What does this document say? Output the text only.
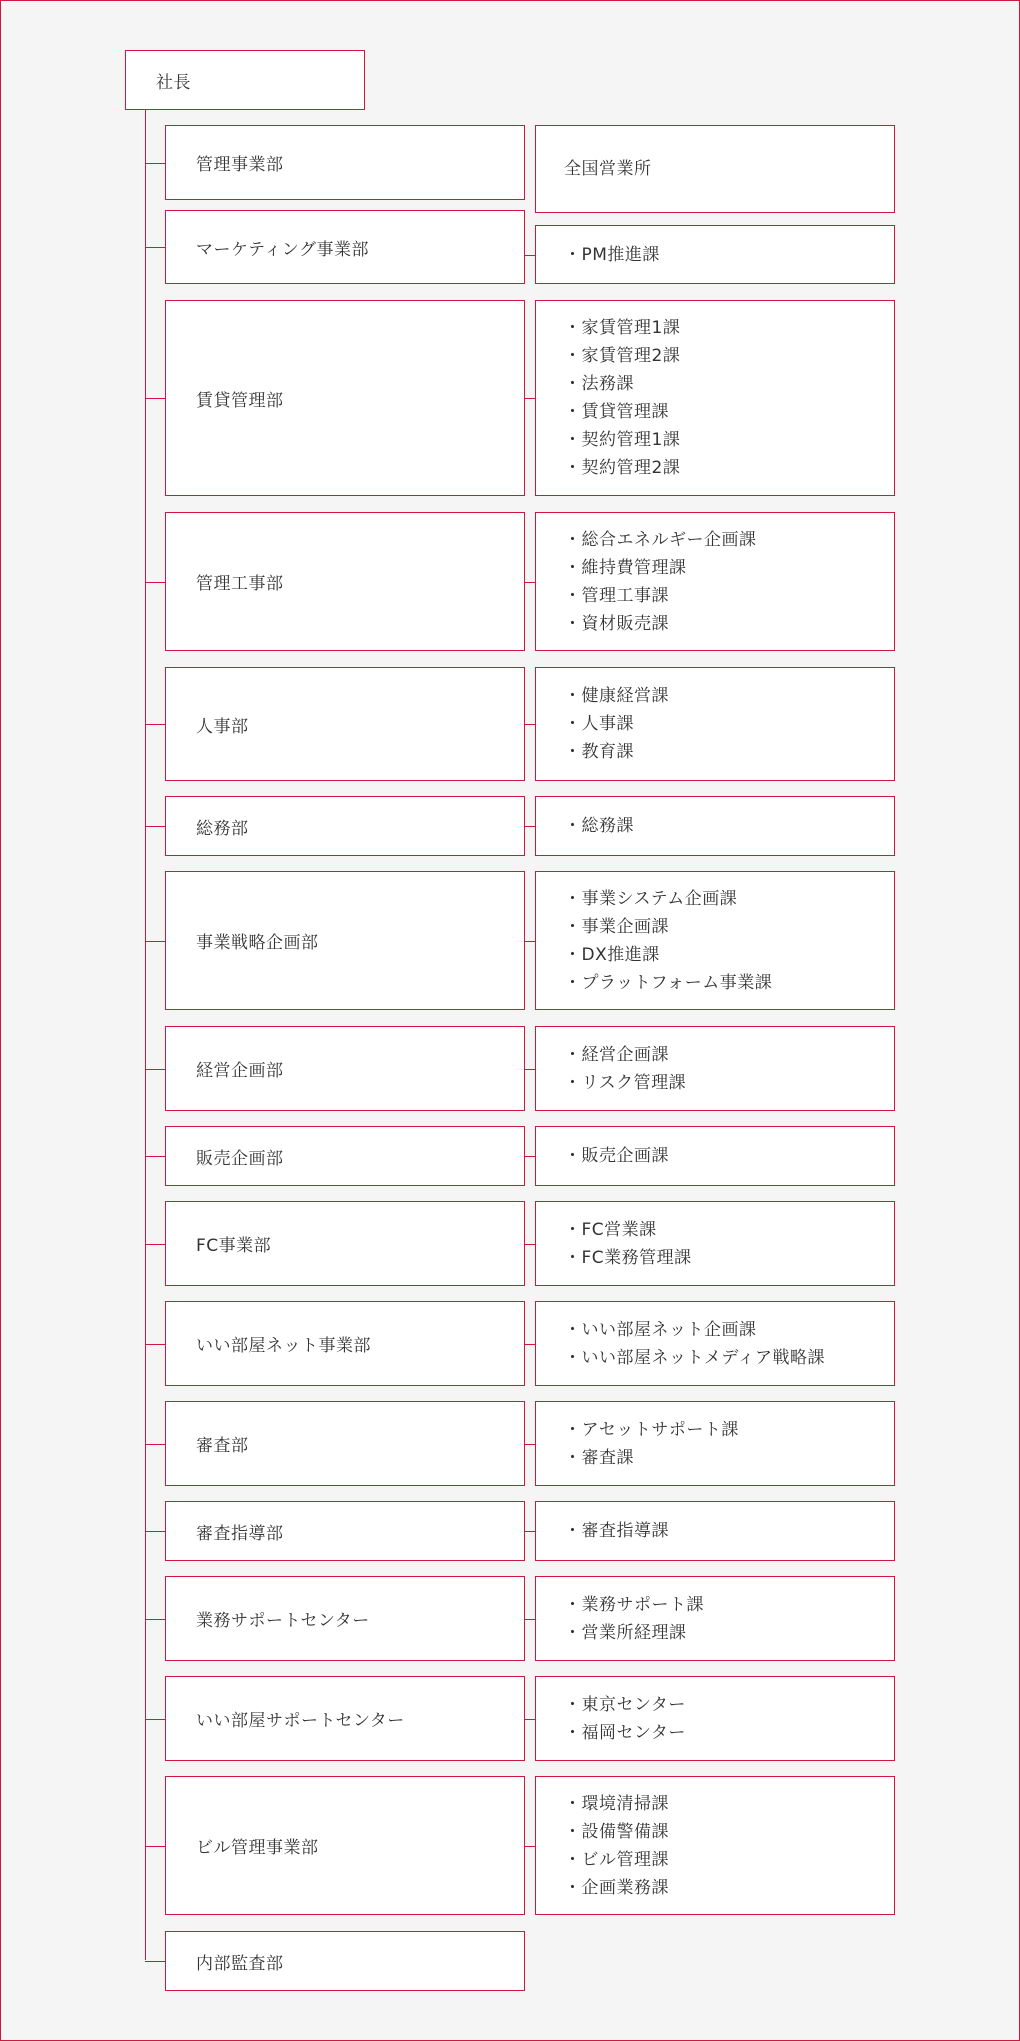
社長
管理事業部	全国営業所
マーケティング事業部	・PM推進課
賃貸管理部
・家賃管理1課
・家賃管理2課
・法務課
・賃貸管理課
・契約管理1課
・契約管理2課
管理工事部
・総合エネルギー企画課
・維持費管理課
・管理工事課
・資材販売課
人事部
・健康経営課
・人事課
・教育課
総務部	・総務課
事業戦略企画部
・事業システム企画課
・事業企画課
・DX推進課
・プラットフォーム事業課
経営企画部
・経営企画課
・リスク管理課
販売企画部	・販売企画課
FC事業部
・FC営業課
・FC業務管理課
いい部屋ネット事業部
・いい部屋ネット企画課
・いい部屋ネットメディア戦略課
審査部
・アセットサポート課
・審査課
審査指導部	・審査指導課
業務サポートセンター
・業務サポート課
・営業所経理課
いい部屋サポートセンター
・東京センター
・福岡センター
ビル管理事業部
・環境清掃課
・設備警備課
・ビル管理課
・企画業務課
内部監査部
